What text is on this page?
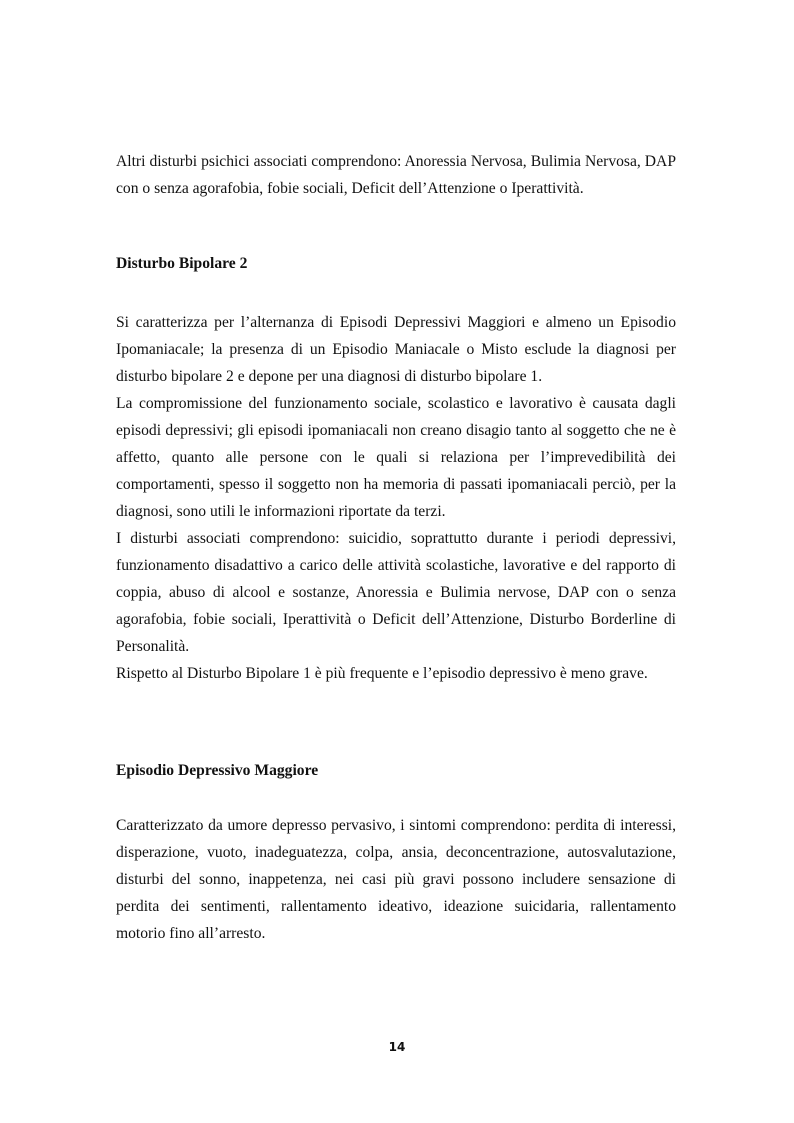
Altri disturbi psichici associati comprendono: Anoressia Nervosa, Bulimia Nervosa, DAP con o senza agorafobia, fobie sociali, Deficit dell’Attenzione o Iperattività.

Disturbo Bipolare 2

Si caratterizza per l’alternanza di Episodi Depressivi Maggiori e almeno un Episodio Ipomaniacale; la presenza di un Episodio Maniacale o Misto esclude la diagnosi per disturbo bipolare 2 e depone per una diagnosi di disturbo bipolare 1.

La compromissione del funzionamento sociale, scolastico e lavorativo è causata dagli episodi depressivi; gli episodi ipomaniacali non creano disagio tanto al soggetto che ne è affetto, quanto alle persone con le quali si relaziona per l’imprevedibilità dei comportamenti, spesso il soggetto non ha memoria di passati ipomaniacali perciò, per la diagnosi, sono utili le informazioni riportate da terzi.

I disturbi associati comprendono: suicidio, soprattutto durante i periodi depressivi, funzionamento disadattivo a carico delle attività scolastiche, lavorative e del rapporto di coppia, abuso di alcool e sostanze, Anoressia e Bulimia nervose, DAP con o senza agorafobia, fobie sociali, Iperattività o Deficit dell’Attenzione, Disturbo Borderline di Personalità.

Rispetto al Disturbo Bipolare 1 è più frequente e l’episodio depressivo è meno grave.

Episodio Depressivo Maggiore

Caratterizzato da umore depresso pervasivo, i sintomi comprendono: perdita di interessi, disperazione, vuoto, inadeguatezza, colpa, ansia, deconcentrazione, autosvalutazione, disturbi del sonno, inappetenza, nei casi più gravi possono includere sensazione di perdita dei sentimenti, rallentamento ideativo, ideazione suicidaria, rallentamento motorio fino all’arresto.

14
